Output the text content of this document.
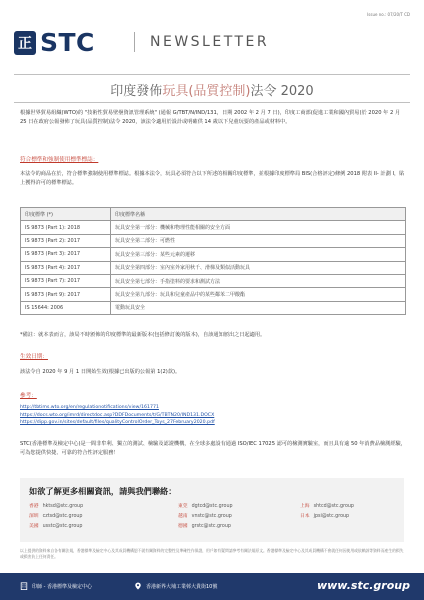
Issue no.: 07/20/T CD
正 STC	NEWSLETTER
印度發佈玩具(品質控制)法令 2020
根據世界貿易組織(WTO)的 "技術性貿易壁壘資訊管理系統" (通報 G/TBT/N/IND/131，日期 2002 年 2 月 7 日)，印度工商部(促進工業和國內貿易)於 2020 年 2 月 25 日在政府公報發佈了玩具(品質控制)法令 2020，該法令適用於設計或明確供 14 歲以下兒童玩耍的產品或材料中。
符合標準和強制使用標準標誌：
本法令的商品在於，符合標準強制使用標準標誌。根據本法令，玩具必須符合以下所述的相關印度標準，並根據印度標準局 BIS(合格評定)條例 2018 附表 II- 計劃 I，貼上獲得許可的標準標誌。
印度標準 (*)	印度標準名稱
IS 9873 (Part 1): 2018	玩具安全第一部分：機械和物理性能相關的安全方面
IS 9873 (Part 2): 2017	玩具安全第二部分：可燃性
IS 9873 (Part 3): 2017	玩具安全第三部分：某些元素的遷移
IS 9873 (Part 4): 2017	玩具安全第四部分：室內室外家用秋千、滑梯及類似活動玩具
IS 9873 (Part 7): 2017	玩具安全第七部分：手指塗料的要求和測試方法
IS 9873 (Part 9): 2017	玩具安全第九部分：玩具和兒童產品中的某些鄰苯二甲酸酯
IS 15644: 2006	電動玩具安全
*備註：就本表而言，該局不時頒佈的印度標準的最新版本(包括修訂後的版本)，自該通知頒出之日起適用。
生效日期：
該法令自 2020 年 9 月 1 日開始生效(根據已出版的公報第 1(2)款)。
參考：
http://tbtims.wto.org/en/regulationotifications/view/161771
https://docs.wto.org/imrd/directdoc.asp?DDFDocuments/t/G/TBTN20/IND131.DOCX
https://dipp.gov.in/sites/default/files/qualityControlOrder_Toys_27February2020.pdf
STC(香港標準及檢定中心)是一間非牟利、獨立的測試、檢驗及認證機構，在全球多處設有通過 ISO/IEC 17025 認可的檢測實驗室，而且具有逾 50 年消費品檢測經驗，可為您提供快捷、可靠的符合性評定服務！
如欲了解更多相關資訊，請與我們聯絡：
香港 hktsd@stc.group
深圳 cztsd@stc.group
美國 usstc@stc.group
東莞 dgtcd@stc.group
越南 vnstc@stc.group
德國 grstc@stc.group
上海 shtcd@stc.group
日本 jpsi@stc.group
以上提供的資料來自各有關法規，香港標準及檢定中心及其成員機構恕不就有關資料的完整性及準確性作保證，用戶如有疑問請參考有關法規原文。香港標準及檢定中心及其成員機構不會就任何因使用或依賴該等資料而產生的損失或損害負上任何責任。
印師 - 香港標準及檢定中心	香港新界大埔工業邨大貴街10號	www.stc.group
